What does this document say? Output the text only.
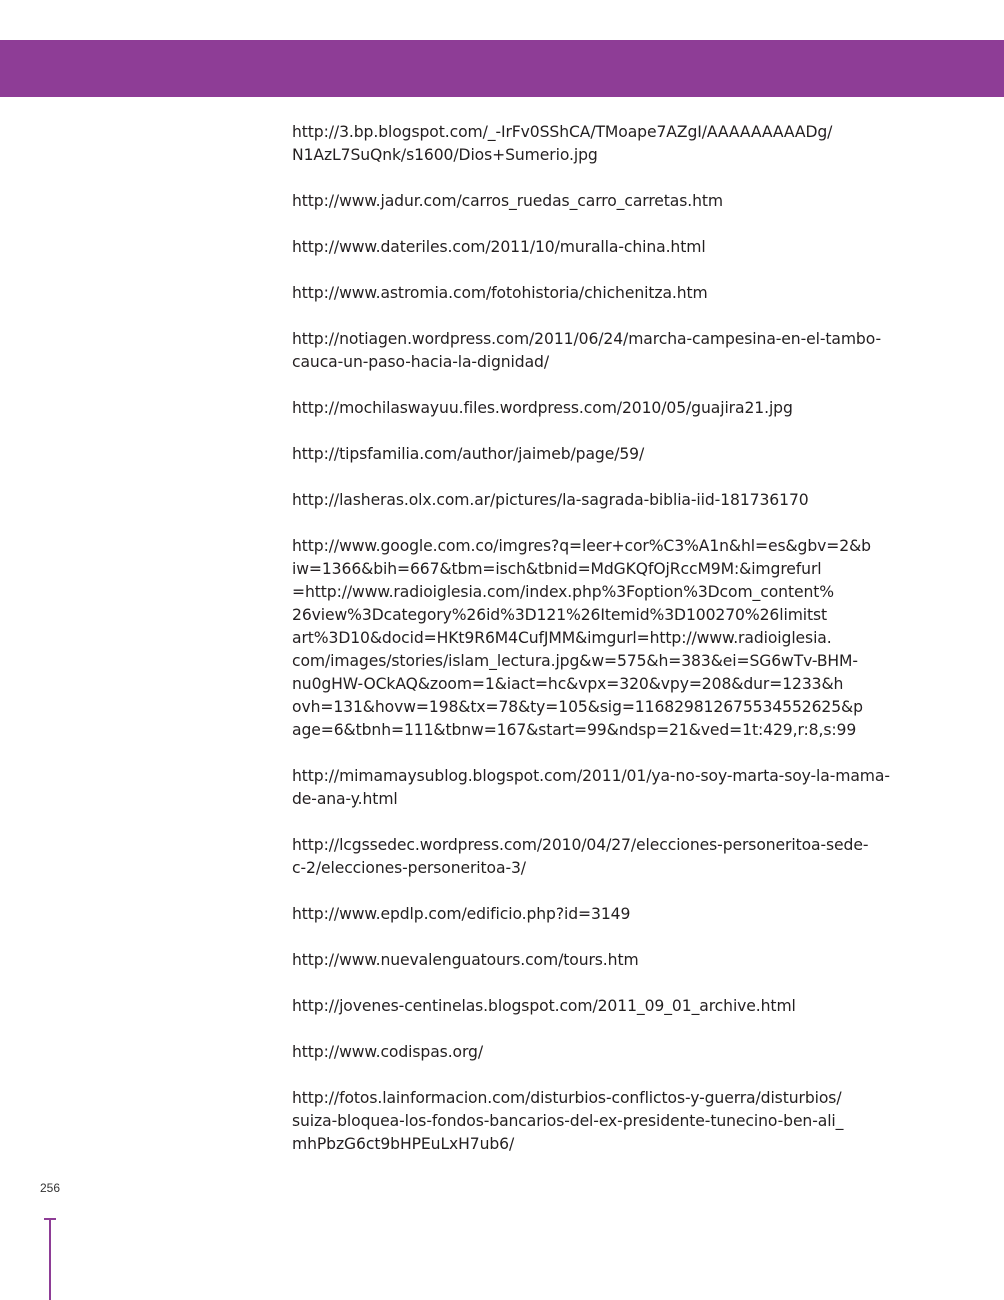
http://3.bp.blogspot.com/_-IrFv0SShCA/TMoape7AZgI/AAAAAAAAADg/
N1AzL7SuQnk/s1600/Dios+Sumerio.jpg
http://www.jadur.com/carros_ruedas_carro_carretas.htm
http://www.dateriles.com/2011/10/muralla-china.html
http://www.astromia.com/fotohistoria/chichenitza.htm
http://notiagen.wordpress.com/2011/06/24/marcha-campesina-en-el-tambo-
cauca-un-paso-hacia-la-dignidad/
http://mochilaswayuu.files.wordpress.com/2010/05/guajira21.jpg
http://tipsfamilia.com/author/jaimeb/page/59/
http://lasheras.olx.com.ar/pictures/la-sagrada-biblia-iid-181736170
http://www.google.com.co/imgres?q=leer+cor%C3%A1n&hl=es&gbv=2&b
iw=1366&bih=667&tbm=isch&tbnid=MdGKQfOjRccM9M:&imgrefurl
=http://www.radioiglesia.com/index.php%3Foption%3Dcom_content%
26view%3Dcategory%26id%3D121%26Itemid%3D100270%26limitst
art%3D10&docid=HKt9R6M4CufJMM&imgurl=http://www.radioiglesia.
com/images/stories/islam_lectura.jpg&w=575&h=383&ei=SG6wTv-BHM-
nu0gHW-OCkAQ&zoom=1&iact=hc&vpx=320&vpy=208&dur=1233&h
ovh=131&hovw=198&tx=78&ty=105&sig=116829812675534552625&p
age=6&tbnh=111&tbnw=167&start=99&ndsp=21&ved=1t:429,r:8,s:99
http://mimamaysublog.blogspot.com/2011/01/ya-no-soy-marta-soy-la-mama-
de-ana-y.html
http://lcgssedec.wordpress.com/2010/04/27/elecciones-personeritoa-sede-
c-2/elecciones-personeritoa-3/
http://www.epdlp.com/edificio.php?id=3149
http://www.nuevalenguatours.com/tours.htm
http://jovenes-centinelas.blogspot.com/2011_09_01_archive.html
http://www.codispas.org/
http://fotos.lainformacion.com/disturbios-conflictos-y-guerra/disturbios/
suiza-bloquea-los-fondos-bancarios-del-ex-presidente-tunecino-ben-ali_
mhPbzG6ct9bHPEuLxH7ub6/
256
